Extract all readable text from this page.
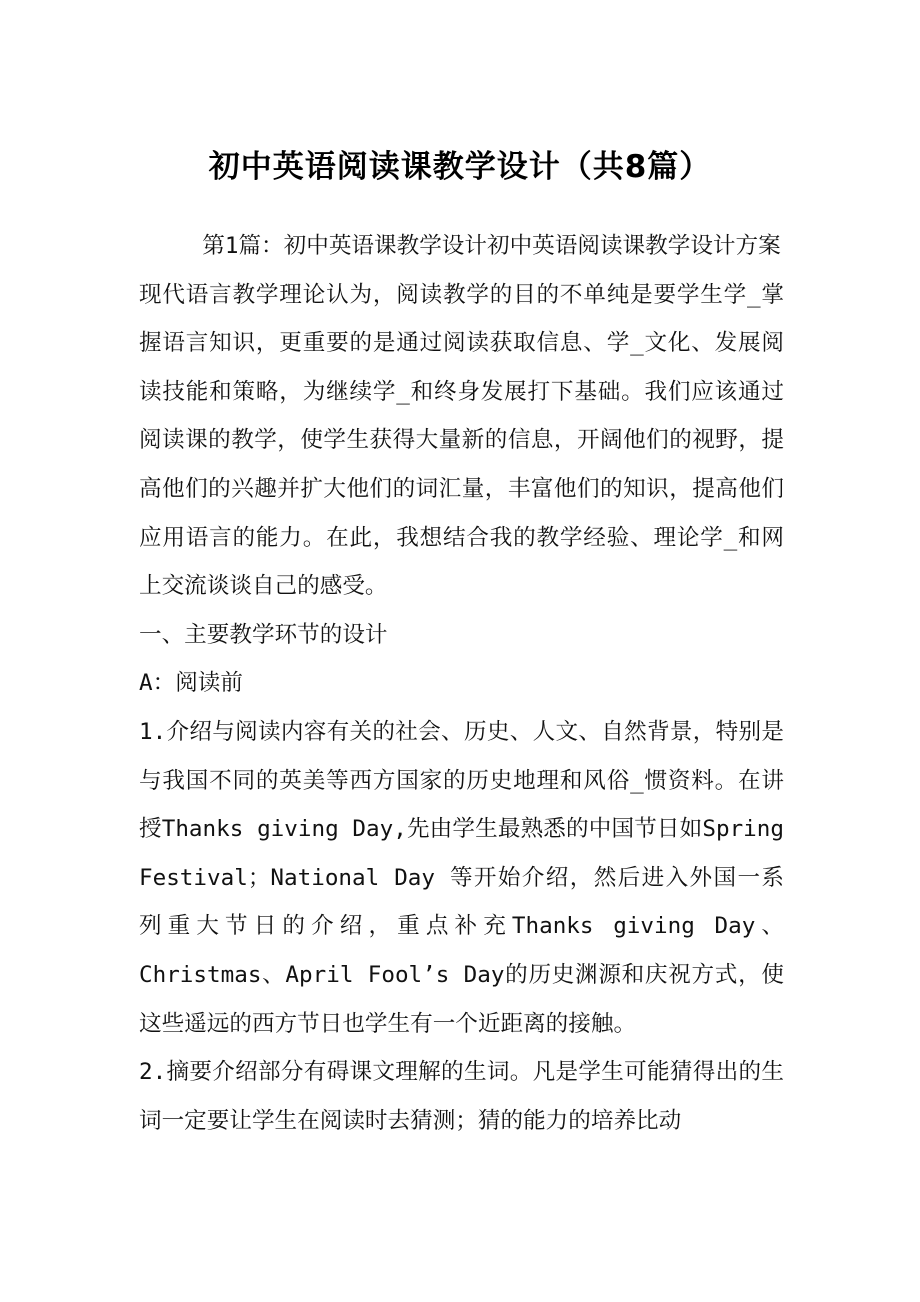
初中英语阅读课教学设计（共8篇）

第1篇：初中英语课教学设计初中英语阅读课教学设计方案

现代语言教学理论认为，阅读教学的目的不单纯是要学生学_掌握语言知识，更重要的是通过阅读获取信息、学_文化、发展阅读技能和策略，为继续学_和终身发展打下基础。我们应该通过阅读课的教学，使学生获得大量新的信息，开阔他们的视野，提高他们的兴趣并扩大他们的词汇量，丰富他们的知识，提高他们应用语言的能力。在此，我想结合我的教学经验、理论学_和网上交流谈谈自己的感受。

一、主要教学环节的设计

A：阅读前

1.介绍与阅读内容有关的社会、历史、人文、自然背景，特别是与我国不同的英美等西方国家的历史地理和风俗_惯资料。在讲授Thanks giving Day,先由学生最熟悉的中国节日如Spring Festival；National Day 等开始介绍，然后进入外国一系列重大节日的介绍，重点补充Thanks giving Day、Christmas、April Fool’s Day的历史渊源和庆祝方式，使这些遥远的西方节日也学生有一个近距离的接触。

2.摘要介绍部分有碍课文理解的生词。凡是学生可能猜得出的生词一定要让学生在阅读时去猜测；猜的能力的培养比动
